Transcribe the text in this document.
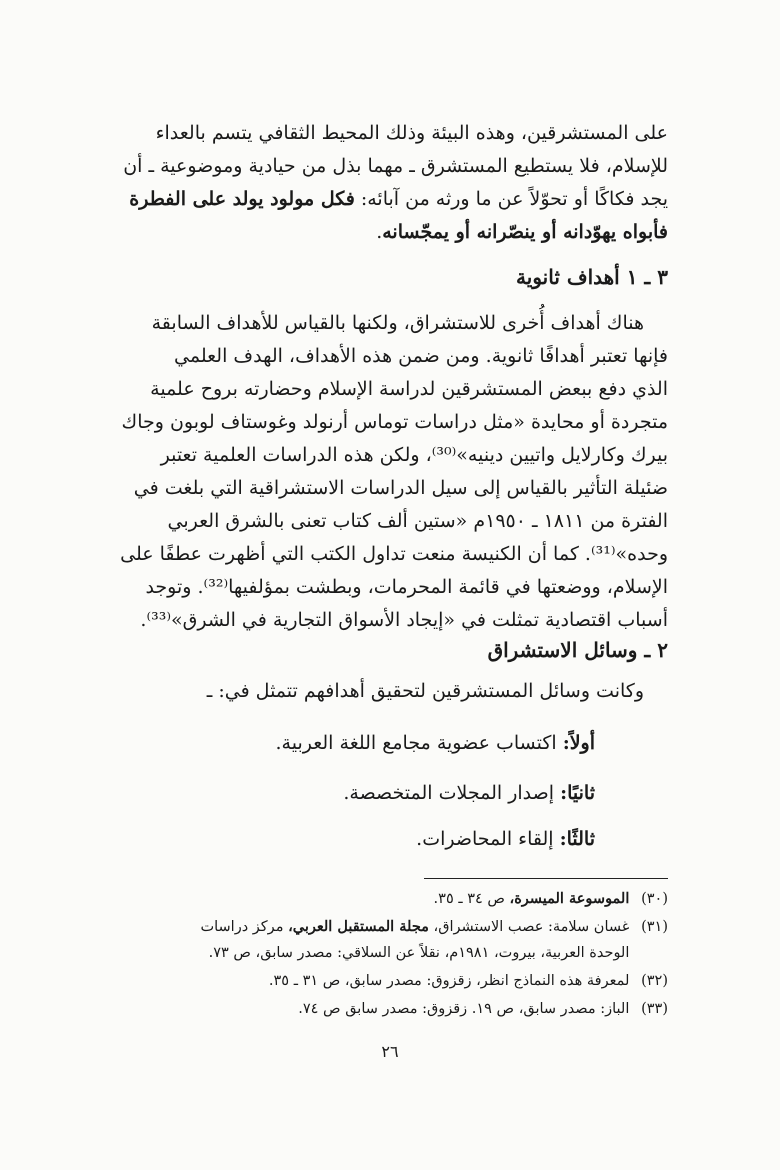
على المستشرقين، وهذه البيئة وذلك المحيط الثقافي يتسم بالعداء
للإسلام، فلا يستطيع المستشرق ـ مهما بذل من حيادية وموضوعية ـ أن
يجد فكاكًا أو تحوّلاً عن ما ورثه من آبائه: فكل مولود يولد على الفطرة
فأبواه يهوّدانه أو ينصّرانه أو يمجّسانه.
٣ ـ ١ أهداف ثانوية
هناك أهداف أُخرى للاستشراق، ولكنها بالقياس للأهداف السابقة
فإنها تعتبر أهدافًا ثانوية. ومن ضمن هذه الأهداف، الهدف العلمي
الذي دفع ببعض المستشرقين لدراسة الإسلام وحضارته بروح علمية
متجردة أو محايدة «مثل دراسات توماس أرنولد وغوستاف لوبون وجاك
بيرك وكارلايل واتيين دينيه»⁽³⁰⁾، ولكن هذه الدراسات العلمية تعتبر
ضئيلة التأثير بالقياس إلى سيل الدراسات الاستشراقية التي بلغت في
الفترة من ١٨١١ ـ ١٩٥٠م «ستين ألف كتاب تعنى بالشرق العربي
وحده»⁽³¹⁾. كما أن الكنيسة منعت تداول الكتب التي أظهرت عطفًا على
الإسلام، ووضعتها في قائمة المحرمات، وبطشت بمؤلفيها⁽³²⁾. وتوجد
أسباب اقتصادية تمثلت في «إيجاد الأسواق التجارية في الشرق»⁽³³⁾.
٢ ـ وسائل الاستشراق
وكانت وسائل المستشرقين لتحقيق أهدافهم تتمثل في: ـ
أولاً: اكتساب عضوية مجامع اللغة العربية.
ثانيًا: إصدار المجلات المتخصصة.
ثالثًا: إلقاء المحاضرات.
(٣٠) الموسوعة الميسرة، ص ٣٤ ـ ٣٥.
(٣١) غسان سلامة: عصب الاستشراق، مجلة المستقبل العربي، مركز دراسات
الوحدة العربية، بيروت، ١٩٨١م، نقلاً عن السلاقي: مصدر سابق، ص ٧٣.
(٣٢) لمعرفة هذه النماذج انظر، زقزوق: مصدر سابق، ص ٣١ ـ ٣٥.
(٣٣) الباز: مصدر سابق، ص ١٩. زقزوق: مصدر سابق ص ٧٤.
٢٦
